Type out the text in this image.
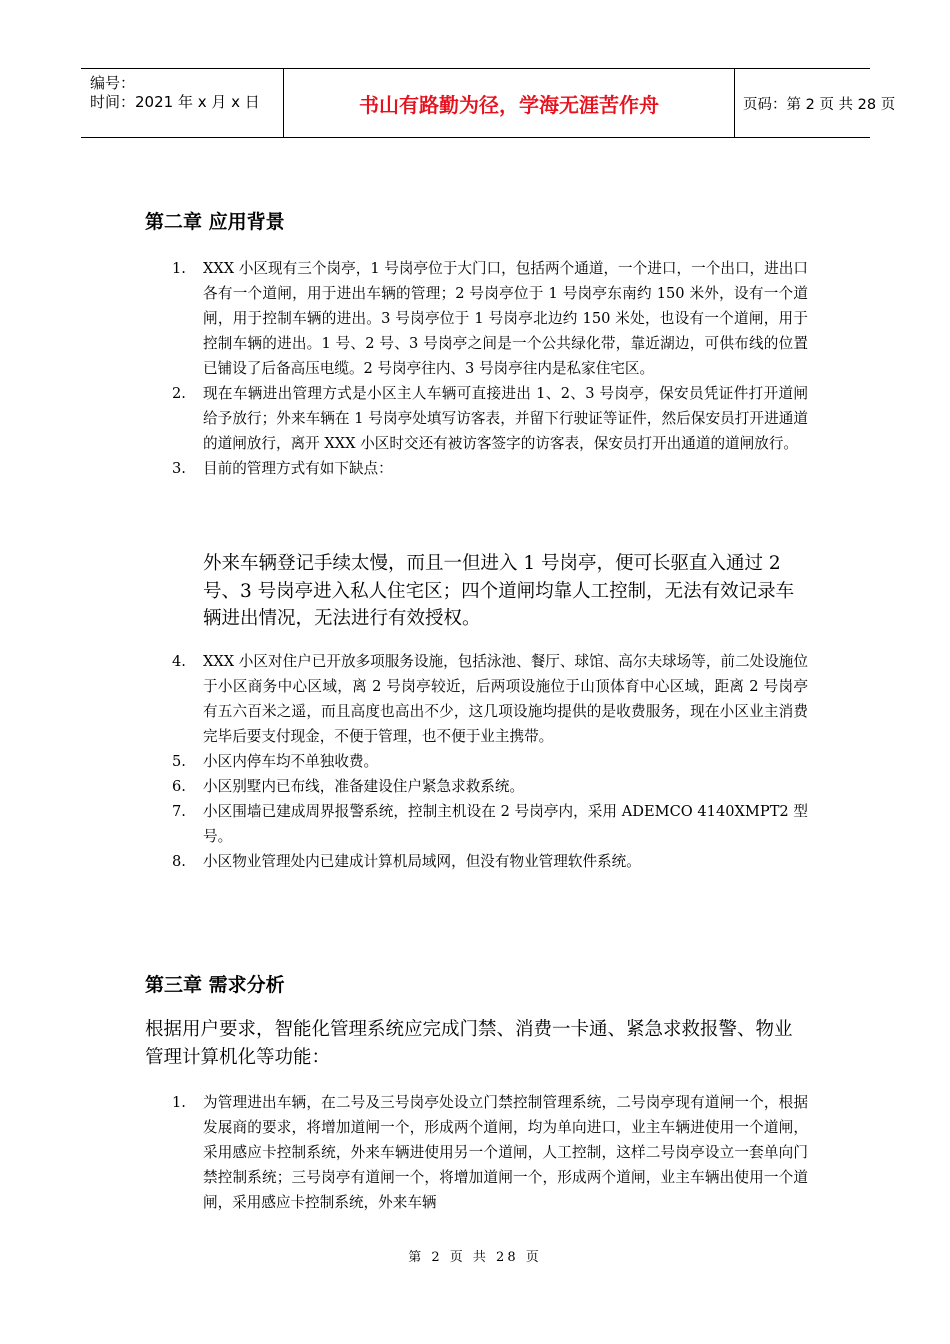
编号：
时间：2021 年 x 月 x 日	书山有路勤为径，学海无涯苦作舟	页码：第 2 页 共 28 页
第二章 应用背景
1. XXX 小区现有三个岗亭，1 号岗亭位于大门口，包括两个通道，一个进口，一个出口，进出口各有一个道闸，用于进出车辆的管理；2 号岗亭位于 1 号岗亭东南约 150 米外，设有一个道闸，用于控制车辆的进出。3 号岗亭位于 1 号岗亭北边约 150 米处，也设有一个道闸，用于控制车辆的进出。1 号、2 号、3 号岗亭之间是一个公共绿化带，靠近湖边，可供布线的位置已铺设了后备高压电缆。2 号岗亭往内、3 号岗亭往内是私家住宅区。
2. 现在车辆进出管理方式是小区主人车辆可直接进出 1、2、3 号岗亭，保安员凭证件打开道闸给予放行；外来车辆在 1 号岗亭处填写访客表，并留下行驶证等证件，然后保安员打开进通道的道闸放行，离开 XXX 小区时交还有被访客签字的访客表，保安员打开出通道的道闸放行。
3. 目前的管理方式有如下缺点：
外来车辆登记手续太慢，而且一但进入 1 号岗亭，便可长驱直入通过 2 号、3 号岗亭进入私人住宅区；四个道闸均靠人工控制，无法有效记录车辆进出情况，无法进行有效授权。
4. XXX 小区对住户已开放多项服务设施，包括泳池、餐厅、球馆、高尔夫球场等，前二处设施位于小区商务中心区域，离 2 号岗亭较近，后两项设施位于山顶体育中心区域，距离 2 号岗亭有五六百米之遥，而且高度也高出不少，这几项设施均提供的是收费服务，现在小区业主消费完毕后要支付现金，不便于管理，也不便于业主携带。
5. 小区内停车均不单独收费。
6. 小区别墅内已布线，准备建设住户紧急求救系统。
7. 小区围墙已建成周界报警系统，控制主机设在 2 号岗亭内，采用 ADEMCO 4140XMPT2 型号。
8. 小区物业管理处内已建成计算机局域网，但没有物业管理软件系统。
第三章 需求分析
根据用户要求，智能化管理系统应完成门禁、消费一卡通、紧急求救报警、物业管理计算机化等功能：
1. 为管理进出车辆，在二号及三号岗亭处设立门禁控制管理系统，二号岗亭现有道闸一个，根据发展商的要求，将增加道闸一个，形成两个道闸，均为单向进口，业主车辆进使用一个道闸，采用感应卡控制系统，外来车辆进使用另一个道闸，人工控制，这样二号岗亭设立一套单向门禁控制系统；三号岗亭有道闸一个，将增加道闸一个，形成两个道闸，业主车辆出使用一个道闸，采用感应卡控制系统，外来车辆
第 2 页 共 28 页
